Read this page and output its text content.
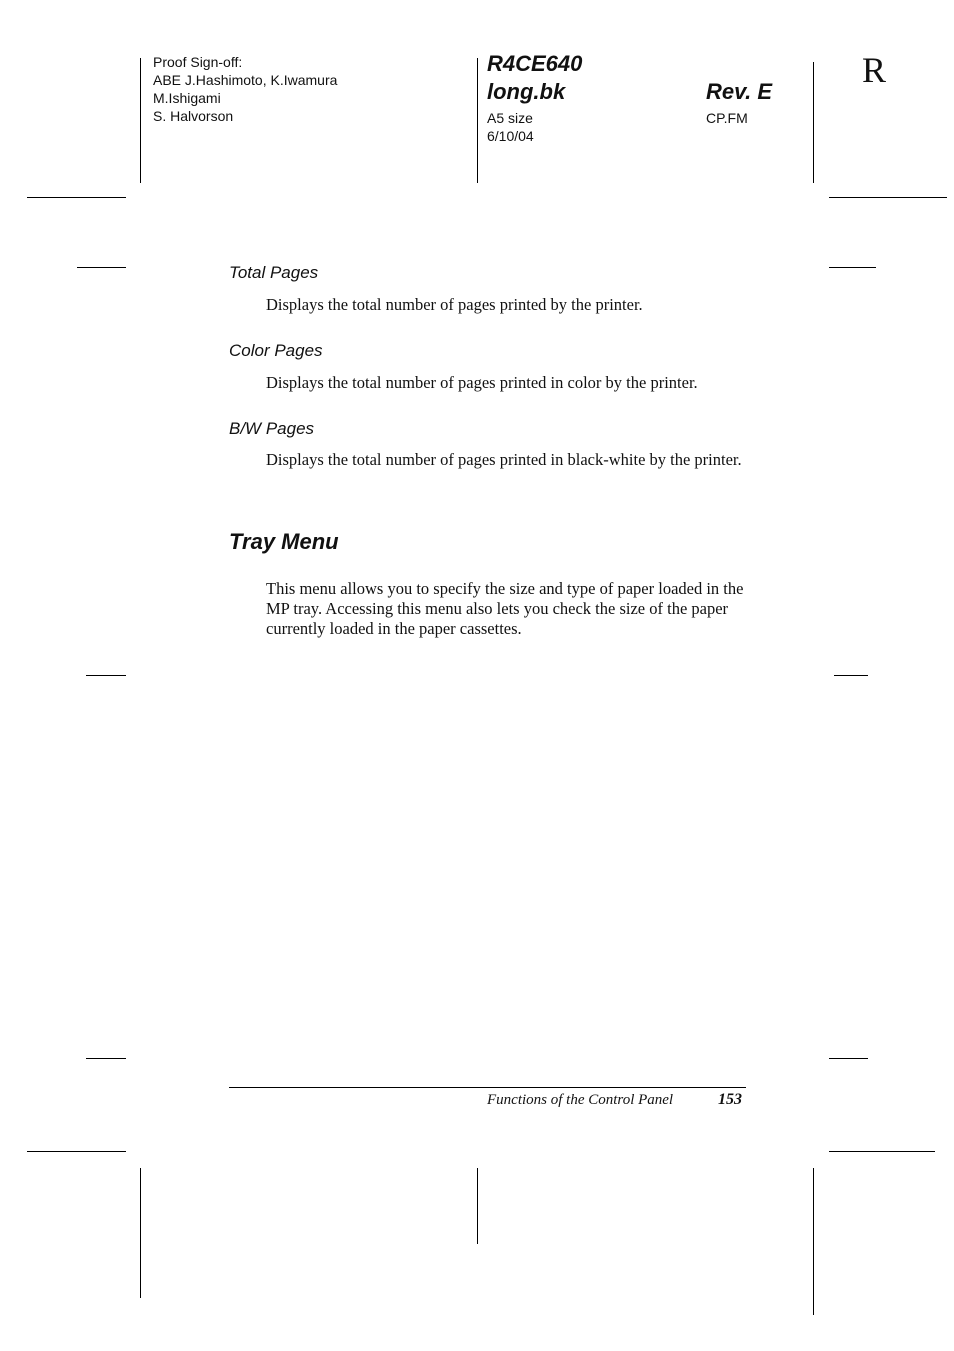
Proof Sign-off:
ABE J.Hashimoto, K.Iwamura
M.Ishigami
S. Halvorson
R4CE640
long.bk	Rev. E
A5 size
6/10/04
CP.FM
R
Total Pages
Displays the total number of pages printed by the printer.
Color Pages
Displays the total number of pages printed in color by the printer.
B/W Pages
Displays the total number of pages printed in black-white by the printer.
Tray Menu
This menu allows you to specify the size and type of paper loaded in the MP tray. Accessing this menu also lets you check the size of the paper currently loaded in the paper cassettes.
Functions of the Control Panel	153
